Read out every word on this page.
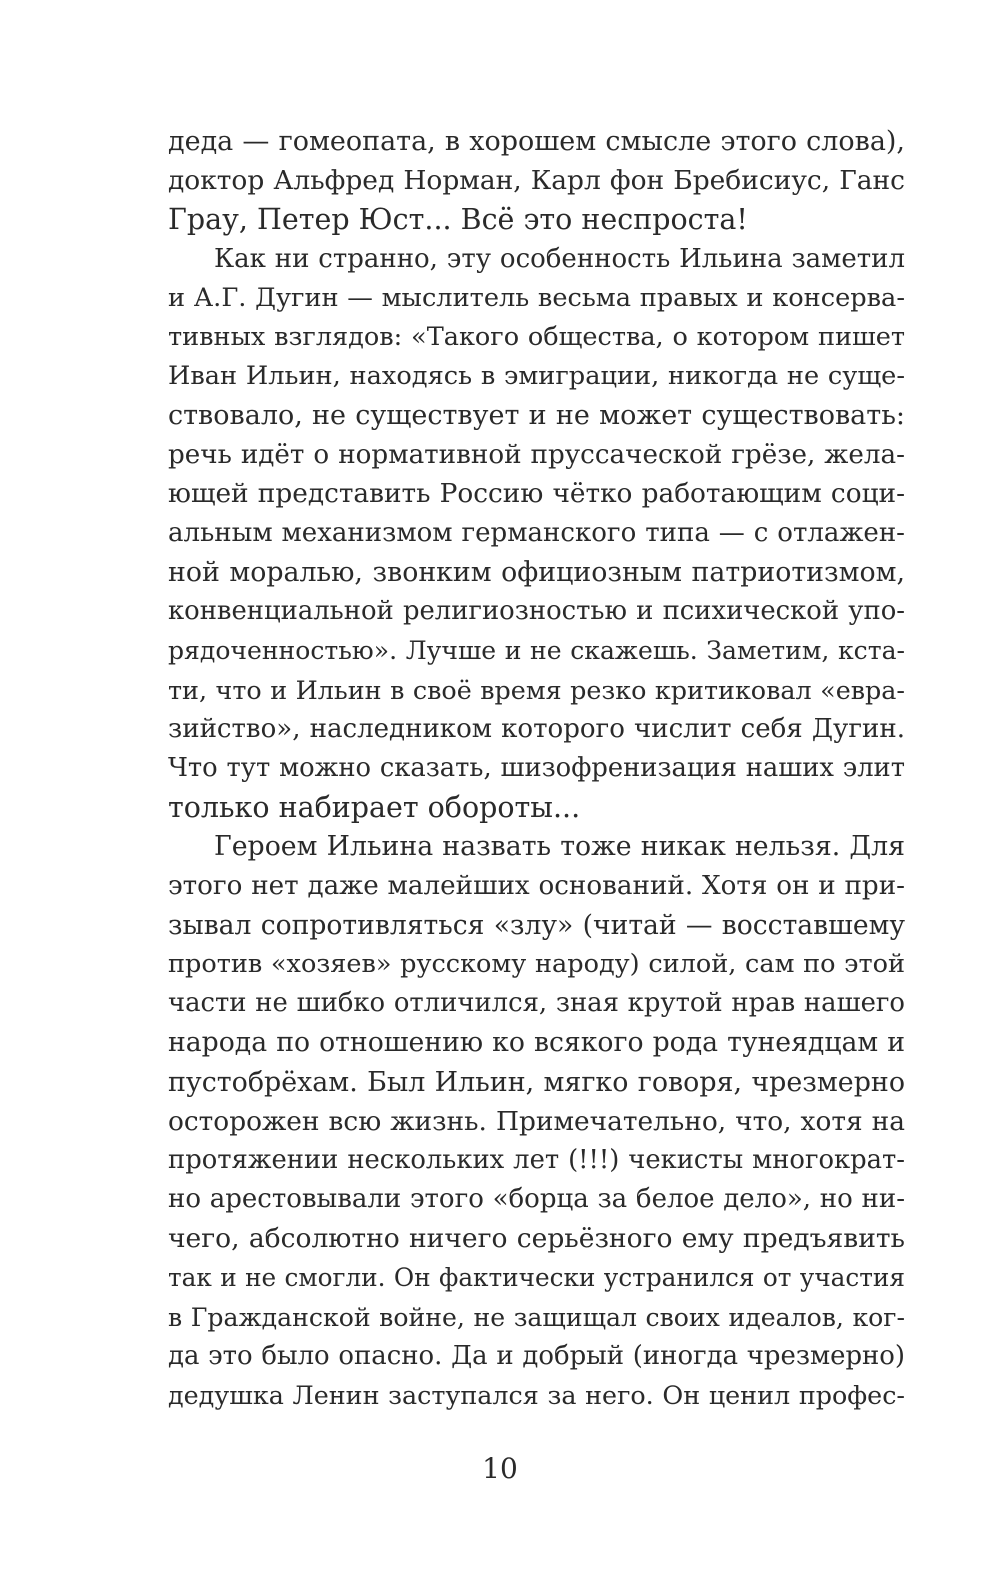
деда — гомеопата, в хорошем смысле этого слова),
доктор Альфред Норман, Карл фон Бребисиус, Ганс
Грау, Петер Юст... Всё это неспроста!
Как ни странно, эту особенность Ильина заметил
и А.Г. Дугин — мыслитель весьма правых и консерва-
тивных взглядов: «Такого общества, о котором пишет
Иван Ильин, находясь в эмиграции, никогда не суще-
ствовало, не существует и не может существовать:
речь идёт о нормативной прусcаческой грёзе, жела-
ющей представить Россию чётко работающим соци-
альным механизмом германского типа — с отлажен-
ной моралью, звонким официозным патриотизмом,
конвенциальной религиозностью и психической упо-
рядоченностью». Лучше и не скажешь. Заметим, кста-
ти, что и Ильин в своё время резко критиковал «евра-
зийство», наследником которого числит себя Дугин.
Что тут можно сказать, шизофренизация наших элит
только набирает обороты...
Героем Ильина назвать тоже никак нельзя. Для
этого нет даже малейших оснований. Хотя он и при-
зывал сопротивляться «злу» (читай — восставшему
против «хозяев» русскому народу) силой, сам по этой
части не шибко отличился, зная крутой нрав нашего
народа по отношению ко всякого рода тунеядцам и
пустобрёхам. Был Ильин, мягко говоря, чрезмерно
осторожен всю жизнь. Примечательно, что, хотя на
протяжении нескольких лет (!!!) чекисты многократ-
но арестовывали этого «борца за белое дело», но ни-
чего, абсолютно ничего серьёзного ему предъявить
так и не смогли. Он фактически устранился от участия
в Гражданской войне, не защищал своих идеалов, ког-
да это было опасно. Да и добрый (иногда чрезмерно)
дедушка Ленин заступался за него. Он ценил профес-
10
